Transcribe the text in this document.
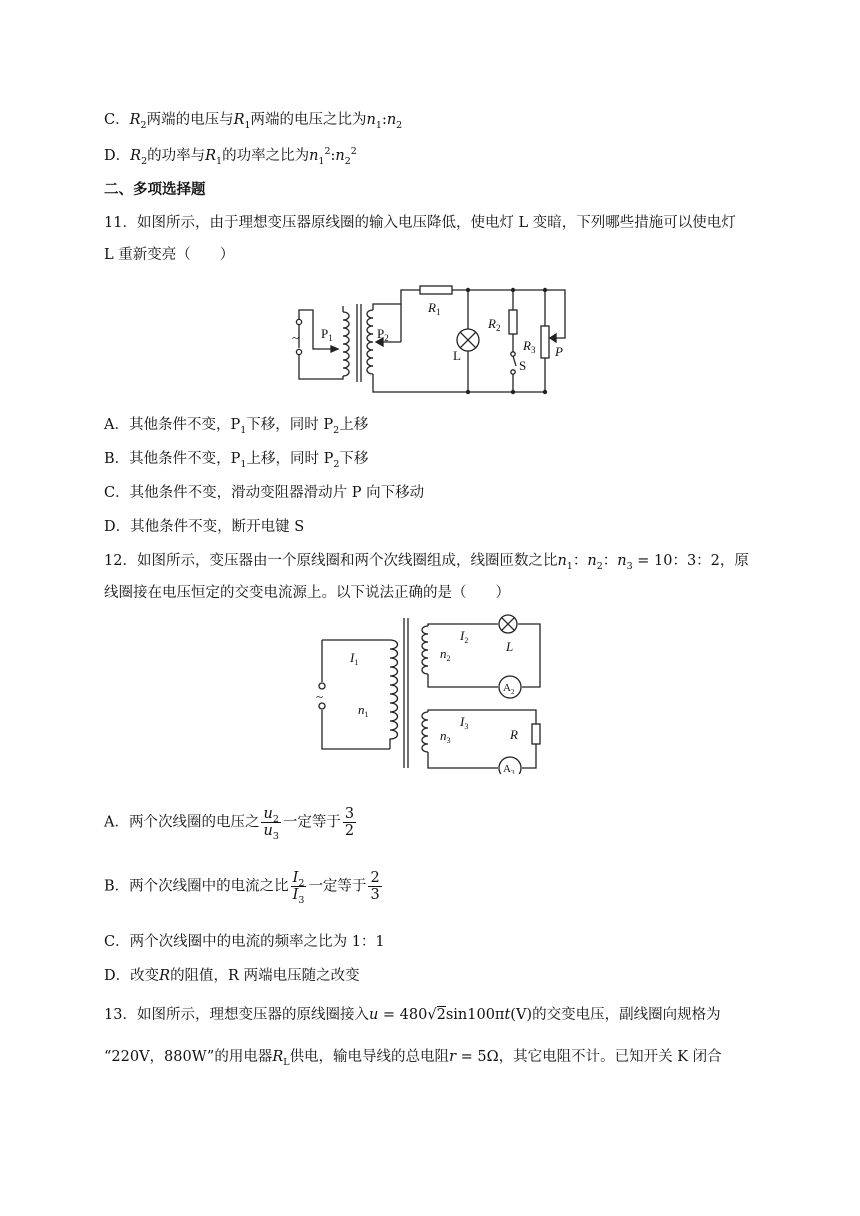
C．$R_2$两端的电压与$R_1$两端的电压之比为$n_1:n_2$
D．$R_2$的功率与$R_1$的功率之比为$n_1^2:n_2^2$
二、多项选择题
11．如图所示，由于理想变压器原线圈的输入电压降低，使电灯 L 变暗，下列哪些措施可以使电灯
L 重新变亮（　　）
~ $P_1$	$P_2$
$R_1$
$R_2$
$R_3$ P
L
S
A．其他条件不变，$P_1$下移，同时 $P_2$上移
B．其他条件不变，$P_1$上移，同时 $P_2$下移
C．其他条件不变，滑动变阻器滑动片 P 向下移动
D．其他条件不变，断开电键 S
12．如图所示，变压器由一个原线圈和两个次线圈组成，线圈匝数之比$n_1$：$n_2$：$n_3 = 10$：3：2，原
线圈接在电压恒定的交变电流源上。以下说法正确的是（　　）
~
$I_1$
$n_1$
$I_2$
$n_2$
L
$A_2$
$I_3$
$n_3$	R
$A_3$
A．两个次线圈的电压之 $\frac{u_2}{u_3}$ 一定等于 $\frac{3}{2}$
B．两个次线圈中的电流之比 $\frac{I_2}{I_3}$ 一定等于 $\frac{2}{3}$
C．两个次线圈中的电流的频率之比为 1：1
D．改变R的阻值，R 两端电压随之改变
13．如图所示，理想变压器的原线圈接入u = 480√2sin100πt(V)的交变电压，副线圈向规格为
“220V，880W”的用电器$R_L$供电，输电导线的总电阻r = 5Ω，其它电阻不计。已知开关 K 闭合
